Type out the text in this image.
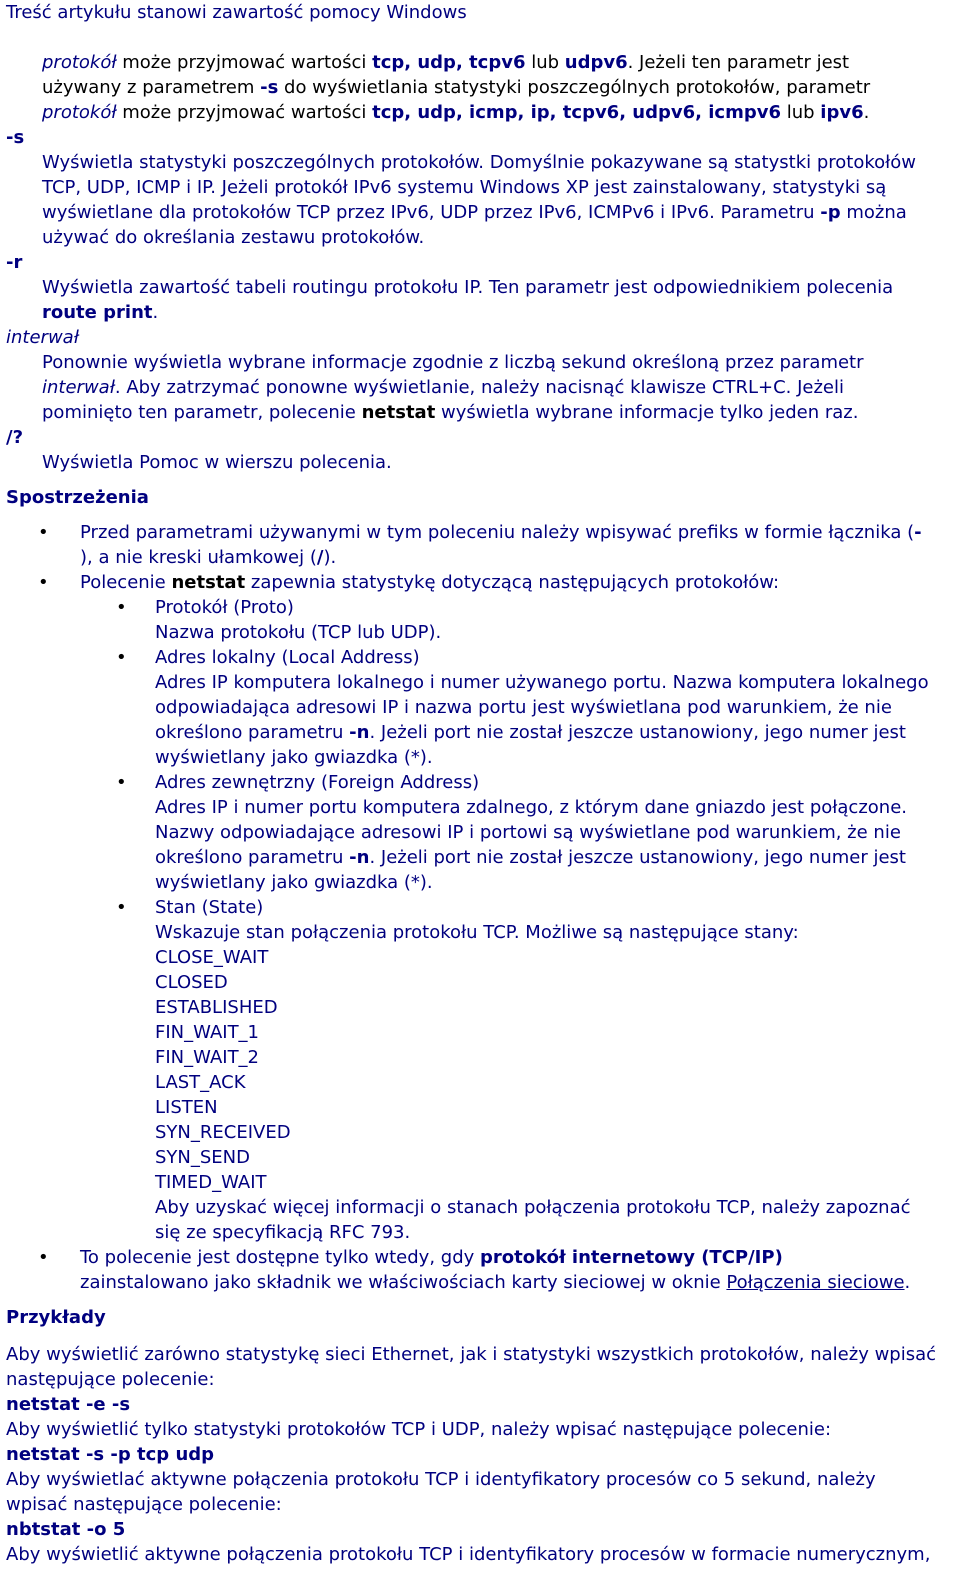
Treść artykułu stanowi zawartość pomocy Windows
protokół może przyjmować wartości tcp, udp, tcpv6 lub udpv6. Jeżeli ten parametr jest
używany z parametrem -s do wyświetlania statystyki poszczególnych protokołów, parametr
protokół może przyjmować wartości tcp, udp, icmp, ip, tcpv6, udpv6, icmpv6 lub ipv6.
-s
Wyświetla statystyki poszczególnych protokołów. Domyślnie pokazywane są statystki protokołów
TCP, UDP, ICMP i IP. Jeżeli protokół IPv6 systemu Windows XP jest zainstalowany, statystyki są
wyświetlane dla protokołów TCP przez IPv6, UDP przez IPv6, ICMPv6 i IPv6. Parametru -p można
używać do określania zestawu protokołów.
-r
Wyświetla zawartość tabeli routingu protokołu IP. Ten parametr jest odpowiednikiem polecenia
route print.
interwał
Ponownie wyświetla wybrane informacje zgodnie z liczbą sekund określoną przez parametr
interwał. Aby zatrzymać ponowne wyświetlanie, należy nacisnąć klawisze CTRL+C. Jeżeli
pominięto ten parametr, polecenie netstat wyświetla wybrane informacje tylko jeden raz.
/?
Wyświetla Pomoc w wierszu polecenia.
Spostrzeżenia
• Przed parametrami używanymi w tym poleceniu należy wpisywać prefiks w formie łącznika (-
), a nie kreski ułamkowej (/).
• Polecenie netstat zapewnia statystykę dotyczącą następujących protokołów:
• Protokół (Proto)
Nazwa protokołu (TCP lub UDP).
• Adres lokalny (Local Address)
Adres IP komputera lokalnego i numer używanego portu. Nazwa komputera lokalnego
odpowiadająca adresowi IP i nazwa portu jest wyświetlana pod warunkiem, że nie
określono parametru -n. Jeżeli port nie został jeszcze ustanowiony, jego numer jest
wyświetlany jako gwiazdka (*).
• Adres zewnętrzny (Foreign Address)
Adres IP i numer portu komputera zdalnego, z którym dane gniazdo jest połączone.
Nazwy odpowiadające adresowi IP i portowi są wyświetlane pod warunkiem, że nie
określono parametru -n. Jeżeli port nie został jeszcze ustanowiony, jego numer jest
wyświetlany jako gwiazdka (*).
• Stan (State)
Wskazuje stan połączenia protokołu TCP. Możliwe są następujące stany:
CLOSE_WAIT
CLOSED
ESTABLISHED
FIN_WAIT_1
FIN_WAIT_2
LAST_ACK
LISTEN
SYN_RECEIVED
SYN_SEND
TIMED_WAIT
Aby uzyskać więcej informacji o stanach połączenia protokołu TCP, należy zapoznać
się ze specyfikacją RFC 793.
• To polecenie jest dostępne tylko wtedy, gdy protokół internetowy (TCP/IP)
zainstalowano jako składnik we właściwościach karty sieciowej w oknie Połączenia sieciowe.
Przykłady
Aby wyświetlić zarówno statystykę sieci Ethernet, jak i statystyki wszystkich protokołów, należy wpisać
następujące polecenie:
netstat -e -s
Aby wyświetlić tylko statystyki protokołów TCP i UDP, należy wpisać następujące polecenie:
netstat -s -p tcp udp
Aby wyświetlać aktywne połączenia protokołu TCP i identyfikatory procesów co 5 sekund, należy
wpisać następujące polecenie:
nbtstat -o 5
Aby wyświetlić aktywne połączenia protokołu TCP i identyfikatory procesów w formacie numerycznym,
